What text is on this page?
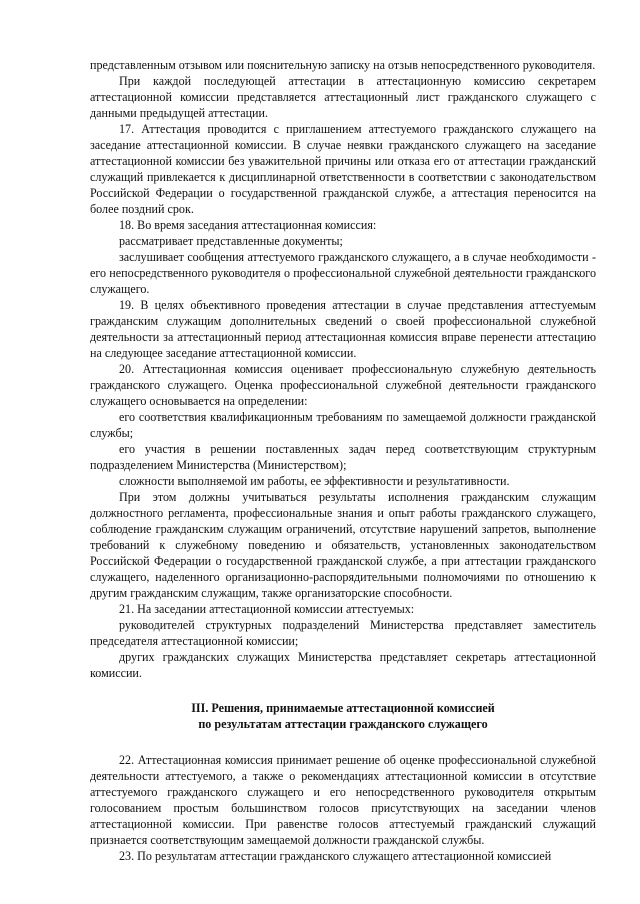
представленным отзывом или пояснительную записку на отзыв непосредственного руководителя.

При каждой последующей аттестации в аттестационную комиссию секретарем аттестационной комиссии представляется аттестационный лист гражданского служащего с данными предыдущей аттестации.

17. Аттестация проводится с приглашением аттестуемого гражданского служащего на заседание аттестационной комиссии. В случае неявки гражданского служащего на заседание аттестационной комиссии без уважительной причины или отказа его от аттестации гражданский служащий привлекается к дисциплинарной ответственности в соответствии с законодательством Российской Федерации о государственной гражданской службе, а аттестация переносится на более поздний срок.

18. Во время заседания аттестационная комиссия:

рассматривает представленные документы;

заслушивает сообщения аттестуемого гражданского служащего, а в случае необходимости - его непосредственного руководителя о профессиональной служебной деятельности гражданского служащего.

19. В целях объективного проведения аттестации в случае представления аттестуемым гражданским служащим дополнительных сведений о своей профессиональной служебной деятельности за аттестационный период аттестационная комиссия вправе перенести аттестацию на следующее заседание аттестационной комиссии.

20. Аттестационная комиссия оценивает профессиональную служебную деятельность гражданского служащего. Оценка профессиональной служебной деятельности гражданского служащего основывается на определении:

его соответствия квалификационным требованиям по замещаемой должности гражданской службы;

его участия в решении поставленных задач перед соответствующим структурным подразделением Министерства (Министерством);

сложности выполняемой им работы, ее эффективности и результативности.

При этом должны учитываться результаты исполнения гражданским служащим должностного регламента, профессиональные знания и опыт работы гражданского служащего, соблюдение гражданским служащим ограничений, отсутствие нарушений запретов, выполнение требований к служебному поведению и обязательств, установленных законодательством Российской Федерации о государственной гражданской службе, а при аттестации гражданского служащего, наделенного организационно-распорядительными полномочиями по отношению к другим гражданским служащим, также организаторские способности.

21. На заседании аттестационной комиссии аттестуемых:

руководителей структурных подразделений Министерства представляет заместитель председателя аттестационной комиссии;

других гражданских служащих Министерства представляет секретарь аттестационной комиссии.

III. Решения, принимаемые аттестационной комиссией

по результатам аттестации гражданского служащего

22. Аттестационная комиссия принимает решение об оценке профессиональной служебной деятельности аттестуемого, а также о рекомендациях аттестационной комиссии в отсутствие аттестуемого гражданского служащего и его непосредственного руководителя открытым голосованием простым большинством голосов присутствующих на заседании членов аттестационной комиссии. При равенстве голосов аттестуемый гражданский служащий признается соответствующим замещаемой должности гражданской службы.

23. По результатам аттестации гражданского служащего аттестационной комиссией
